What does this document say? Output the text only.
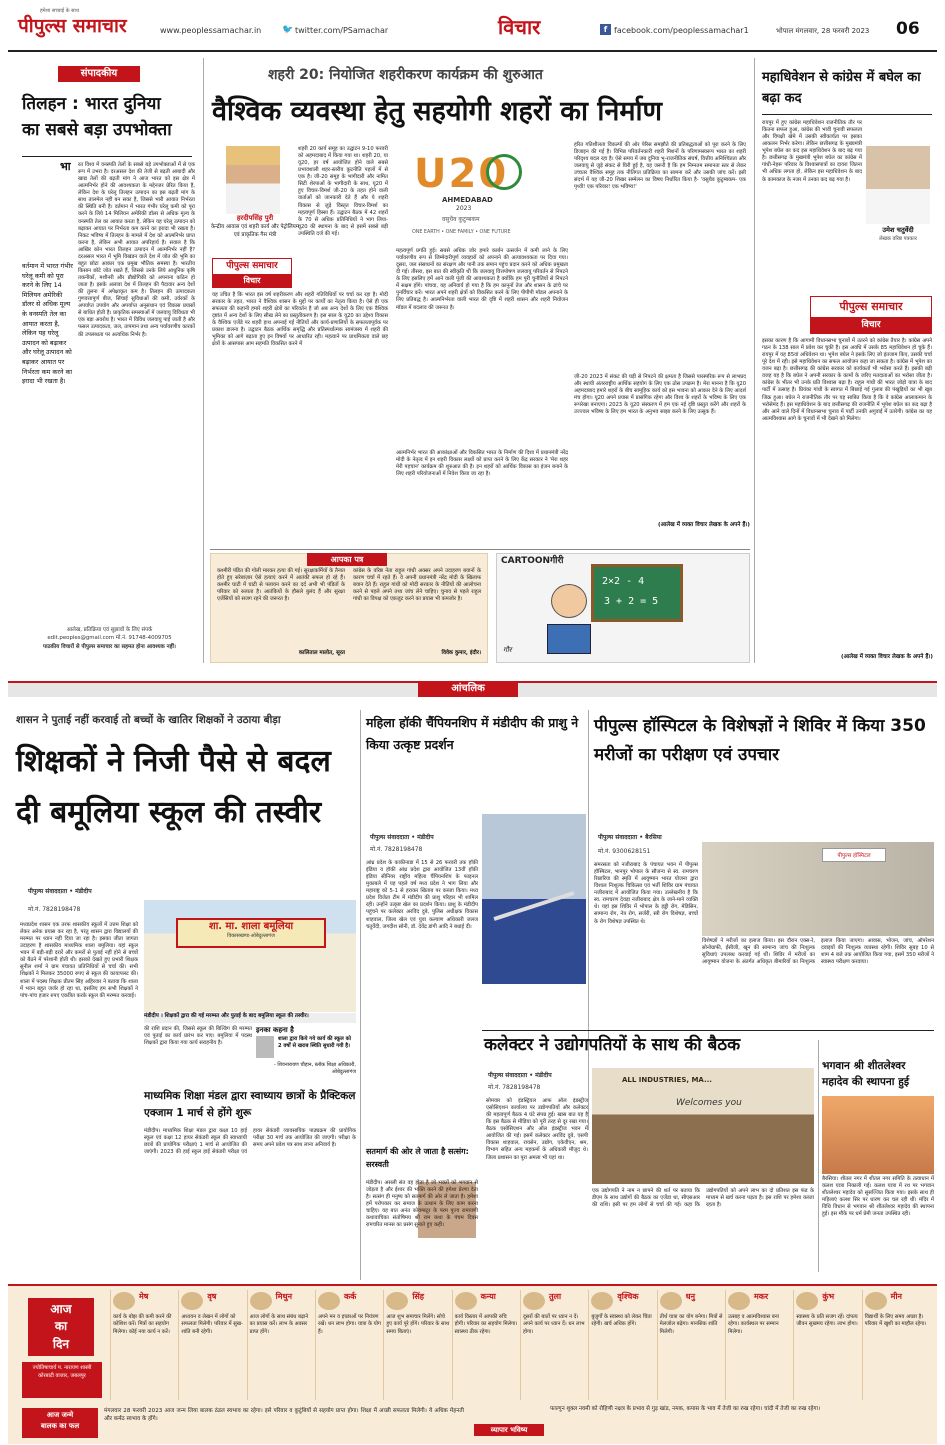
पीपुल्स समाचार
हमेशा सच्चाई के साथ
www.peoplessamachar.in	🐦 twitter.com/PSamachar	विचार	f facebook.com/peoplessamachar1	भोपाल मंगलवार, 28 फरवरी 2023	06
संपादकीय
तिलहन : भारत दुनिया का सबसे बड़ा उपभोक्ता
भा	रत विश्व में वनस्पति तेलों के सबसे बड़े उपभोक्ताओं में से एक रूप में उभरा है। दरअसल देश की तेजी से बढ़ती आबादी और खाद्य तेलों की बढ़ती मांग ने आज भारत को इस क्षेत्र में आत्मनिर्भर होने की आवश्यकता के मद्देनजर प्रेरित किया है, लेकिन देश के घरेलू तिलहन उत्पादन का इस बढ़ती मांग के साथ तालमेल नहीं बन सका है, जिससे भारी आयात निर्भरता की स्थिति बनी है। वर्तमान में भारत गंभीर घरेलू कमी को पूरा करने के लिये 14 मिलियन अमेरिकी डॉलर से अधिक मूल्य के वनस्पति तेल का आयात करता है, लेकिन यह घरेलू उत्पादन को बढ़ाकर आयात पर निर्भरता कम करने का इरादा भी रखता है। निकट भविष्य में तिलहन के मामले में देश को आत्मनिर्भर प्राप्त करना है, लेकिन अभी आयात अपरिहार्य है। सवाल है कि आखिर कोन भारत तिलहन उत्पादन में आत्मनिर्भर नहीं है? दरअसल भारत में भूमि विखंडन वाले देश में जोत की भूमि का बहुत छोटा आकार एक प्रमुख भौतिक समस्या है। भारतीय किसान छोटे जोत रखते हैं, जिससे उनके लिये आधुनिक कृषि तकनीकों, मशीनरी और प्रौद्योगिकी को अपनाना कठिन हो जाता है। इसके अलावा देश में तिलहन की पैदावार अन्य देशों की तुलना में अपेक्षाकृत कम है। तिलहन की उत्पादकता गुणवत्तापूर्ण बीज, सिंचाई सुविधाओं की कमी, उर्वरकों के अपर्याप्त उपयोग और अपर्याप्त अनुसंधान एवं विकास प्रयासों से बाधित होती है। प्राकृतिक समस्याओं में जलवायु विविधता भी एक बड़ा अवरोध है। भारत में विविध जलवायु पाई जाती है और फसल उत्पादकता, जल, तापमान तथा अन्य पर्यावरणीय कारकों की उपलब्धता पर अत्यधिक निर्भर है।
वर्तमान में भारत गंभीर घरेलू कमी को पूरा करने के लिए 14 मिलियन अमेरिकी डॉलर से अधिक मूल्य के वनस्पति तेल का आयात करता है, लेकिन यह घरेलू उत्पादन को बढ़ाकर और घरेलू उत्पादन को बढ़ाकर आयात पर निर्भरता कम करने का इरादा भी रखता है।
आलेख, प्रतिक्रिया एवं सुझावों के लिए संपर्क
edit.peoples@gmail.com मो.नं. 91748-4009705
पाठकीय विचारों से पीपुल्स समाचार का सहमत होना आवश्यक नहीं।
शहरी 20: नियोजित शहरीकरण कार्यक्रम की शुरुआत
वैश्विक व्यवस्था हेतु सहयोगी शहरों का निर्माण
हरदीपसिंह पुरी
केन्द्रीय आवास एवं शहरी कार्य और पेट्रोलियम एवं प्राकृतिक गैस मंत्री
पीपुल्स समाचार
विचार
शहरी 20 कार्य समूह का उद्घाटन 9-10 फरवरी को अहमदाबाद में किया गया था। शहरी 20, या यू20, हर वर्ष आयोजित होने वाले सबसे प्रभावशाली शहर-स्तरीय कूटनीति पहलों में से एक है। जी-20 समूह के भागीदारी और नामित सिटी शेरपाओं के भागीदारी के साथ, यू20 में हुए विचार-विमर्श जी-20 के तहत होने वाली वार्ताओं को जानकारी देते हैं और ये शहरी विकास से जुड़े विस्तृत विचार-विमर्श का महत्वपूर्ण हिस्सा हैं। उद्घाटन बैठक में 42 शहरों के 70 से अधिक प्रतिनिधियों ने भाग लिया- यू20 की स्थापना के बाद से इसमें सबसे बड़ी उपस्थिति दर्ज की गई।
यह उचित है कि भारत इस वर्ष शहरीकरण और शहरी गतिविधियों पर चर्चा कर रहा है। मोदी सरकार के तहत, भारत ने वैश्विक शासन के मुद्दों पर कार्यों का नेतृत्व किया है। ऐसे ही एक सफलता की कहानी हमारे शहरी क्षेत्रों का परिवर्तन है जो अब अन्य देशों के लिए एक वैश्विक दृष्टांत में अन्य देशों के लिए सीख लेने का प्रस्तुतीकरण है। इस साल के यू20 का उद्देश्य विकास के वैश्विक एजेंडे पर शहरी हाथ अपनाई गई नीतियों और कार्य-प्रणालियों के सफलतापूर्वक पर प्रकाश डालना है। उद्घाटन बैठक आर्थिक समृद्धि और प्रतिस्पर्धात्मक सामंजस्य में शहरी की भूमिका को आगे बढ़ाता हुए इन विषयों पर आधारित रही। महत्वाने पर प्राथमिकता वाले छह क्षेत्रों के आसपास आम सहमति विकसित करने में
U20
AHMEDABAD
2023
वसुधैव कुटुम्बकम
ONE EARTH • ONE FAMILY • ONE FUTURE
महत्वपूर्ण प्रगति हुई। सबसे अधिक जोर हमारे कार्बन उत्सर्जन में कमी लाने के लिए पर्यावरणीय रूप से जिम्मेदारीपूर्ण व्यवहारों को अपनाने की अत्यावश्यकता पर दिया गया। दूसरा, जल संसाधनों का संरक्षण और पानी तक समान पहुंच प्रदान करने को अधिक प्रमुखता दी गई। तीसरा, इस बात की स्वीकृति थी कि जलवायु वित्तपोषण जलवायु परिवर्तन से निपटने के लिए इसलिए हमें आने वाली पूंजी की आवश्यकता है क्योंकि हम पूरी चुनौतियों से निपटने में सक्षम होंगे। पांचवा, यह अनिवार्य हो गया है कि हम कानूनों तेज और शासन के ढांचे पर पुनर्विचार करें। भारत अपने शहरी क्षेत्रों को विकसित करने के लिए पीपीपी मॉडल अपनाने के लिए प्रतिबद्ध है। आत्मनिर्भरता वाली भारत की दृष्टि में शहरी शासन और शहरी नियोजन मॉडल में बदलाव की जरूरत है।
आत्मनिर्भर भारत की आकांक्षाओं और विकसित भारत के निर्माण की दिशा में प्रधानमंत्री नरेंद्र मोदी के नेतृत्व में इन शहरी विकास लक्ष्यों को प्राप्त करने के लिए केंद्र सरकार ने 'मेरा शहर मेरी पहचान' कार्यक्रम की शुरुआत की है। इन शहरों को आर्थिक विकास का इंजन बनाने के लिए शहरी परियोजनाओं में निवेश किया जा रहा है।
हरित गतिशीलता विकल्पों की ओर पेरिस समझौते की प्रतिबद्धताओं को पूरा करने के लिए डिजाइन की गई है। विभिन्न परिवर्तनकारी शहरी मिशनों के परिणामस्वरूप भारत का शहरी परिदृश्य बदल रहा है। ऐसे समय में जब दुनिया भू-राजनीतिक संघर्ष, वित्तीय अनिश्चितता और जलवायु से जुड़े संकट से घिरी हुई है, यह जरूरी है कि हम निम्नतम समानता स्तर से लेकर उच्चतर वैश्विक समूह तक नीतिगत प्रतिक्रिया का सामना करें और उसकी जांच करें। इसी संदर्भ में यह जी-20 शिखर सम्मेलन का विषय निर्धारित किया है- 'वसुधैव कुटुम्बकम- एक पृथ्वी! एक परिवार! एक भविष्य!'
जी-20 2023 में संकट की घड़ी से निपटने की क्षमता है जिससे पारस्परिक रूप से लाभप्रद और स्थायी अंतरराष्ट्रीय आर्थिक सहयोग के लिए एक ठोस उपक्रम है। मेरा मानना है कि यू20 अहमदाबाद हमारे शहरों के बीच सामूहिक कार्य को इस भावना को आकार देने के लिए आदर्श मंच होगा। यू20 अपने प्रयास में प्रासंगिक रहेगा और विश्व के शहरों के भविष्य के लिए एक रूपरेखा बनाएगा। 2023 के यू20 संस्करण में हम एक नई दृष्टि प्रस्तुत करेंगे और शहरों के उज्ज्वल भविष्य के लिए हम भारत के अनुभव साझा करने के लिए उत्सुक हैं।
(आलेख में व्यक्त विचार लेखक के अपने हैं।)
महाधिवेशन से कांग्रेस में बघेल का बढ़ा कद
रायपुर में हुए कांग्रेस महाधिवेशन राजनीतिक तौर पर कितना सफल हुआ, कांग्रेस की भावी चुनावी सफलता और विपक्षी खेमे में उसकी स्वीकार्यता पर इसका आकलन निर्भर करेगा। लेकिन छत्तीसगढ़ के मुख्यमंत्री भूपेश बघेल का कद इस महाधिवेशन के बाद बढ़ गया है। छत्तीसगढ़ के मुखमंत्री भूपेश बघेल का कांग्रेस में गांधी-नेहरू परिवार के विश्वासपात्रों का दायरा जितना भी अधिक लगता हो, लेकिन इस महाधिवेशन के बाद के कामकाज के नजर में उनका कद बढ़ गया है।
उमेश चतुर्वेदी
लेखक वरिष्ठ पत्रकार
पीपुल्स समाचार
विचार
इसका कारण है कि आगामी विधानसभा चुनावों में उतरने को कांग्रेस तैयार है। कांग्रेस अपने गठन के 138 साल में प्रवेश कर चुकी है। इस अवधि में उसके 85 महाधिवेशन हो चुके हैं। रायपुर में यह 85वां अधिवेशन था। भूपेश बघेल ने इसके लिए जो इंतजाम किए, उसकी चर्चा पूरे देश में रही। इसे महाधिवेशन का सफल आयोजन कहा जा सकता है। कांग्रेस में भूपेश का वजन बढ़ा है। छत्तीसगढ़ की कांग्रेस सरकार को कार्यकर्ता भी भरोसा करते हैं। इसकी बड़ी वजह यह है कि बघेल ने अपनी सरकार के कामों के जरिए मतदाताओं का भरोसा जीता है। कांग्रेस के भीतर भी उनके प्रति विश्वास बढ़ा है। राहुल गांधी की भारत जोड़ो यात्रा के बाद पार्टी में उत्साह है। प्रियंका गांधी के स्वागत में बिछाई गई गुलाब की पंखुड़ियों का भी खूब जिक्र हुआ। बघेल ने राजनीतिक तौर पर यह साबित किया है कि वे कांग्रेस आलाकमान के भरोसेमंद हैं। इस महाधिवेशन के बाद छत्तीसगढ़ की राजनीति में भूपेश बघेल का कद बढ़ा है और आने वाले दिनों में विधानसभा चुनाव में पार्टी उनकी अगुवाई में उतरेगी। कांग्रेस का यह आत्मविश्वास आगे के चुनावों में भी देखने को मिलेगा।
(आलेख में व्यक्त विचार लेखक के अपने हैं।)
आपका पत्र
कश्मीरी पंडित की गोली मारकर हत्या की गई। सुरक्षाकर्मियों के तैनात होते हुए सरेबाज़ार ऐसे हत्याएं करने में आतंकी सफल हो रहे हैं। कश्मीर घाटी में घाटी से पलायन करने का दर्द अभी भी पंडितों के परिवार को रुलाता है। आतंकियों के हौसले बुलंद हैं और सुरक्षा एजेंसियों को सजग रहने की जरूरत है।
कालिताल मालोत, सूरत
कांग्रेस के वरिष्ठ नेता राहुल गांधी अक्सर अपने उदाहरण बयानों के कारण चर्चा में रहते हैं। वे अपनी प्रधानमंत्री नरेंद्र मोदी के खिलाफ बयान देते हैं। राहुल गांधी को मोदी सरकार के नीतियों की आलोचना करने से पहले अपने तथ्य जांच लेने चाहिए। चुनाव से पहले राहुल गांधी का विपक्ष को एकजुट करने का प्रयास भी कमजोर है।
विवेक कुमार, इंदौर।
CARTOONगीरी
2×2 - 4
3 + 2 = 5
गौर
आंचलिक
शासन ने पुताई नहीं करवाई तो बच्चों के खातिर शिक्षकों ने उठाया बीड़ा
शिक्षकों ने निजी पैसे से बदल दी बमूलिया स्कूल की तस्वीर
पीपुल्स संवाददाता • मंडीदीप
मो.नं. 7828198478
शा. मा. शाला बमूलिया
विकासखण्ड-ओबेदुल्लागंज
मंडीदीप । शिक्षकों द्वारा की गई मरम्मत और पुताई के बाद बमूलिया स्कूल की तस्वीर।
मध्यप्रदेश शासन एक तरफ शासकीय स्कूलों में उत्तम शिक्षा को लेकर अनेक प्रयास कर रहा है, परंतु शासन द्वारा विद्यालयों की मरम्मत पर ध्यान नहीं दिया जा रहा है। इसका जीता जागता उदाहरण है शासकीय माध्यमिक शाला बमूलिया। यहां स्कूल भवन में बड़ी-बड़ी दरारें और कमरों से पुताई नहीं होने से बच्चों को बैठने में परेशानी होती थी। इसको देखते हुए प्रभारी शिक्षक सुनील शर्मा ने ग्राम पंचायत प्रतिनिधियों से चर्चा की। सभी शिक्षकों ने मिलकर 35000 रुपए से स्कूल की कायापलट की। शाला में पदस्थ शिक्षक प्रीतम सिंह अहिरवार ने बताया कि शाला में भवन बहुत जर्जर हो रहा था, इसलिए हम सभी शिक्षकों ने पांच-पांच हजार रुपए एकत्रित करके स्कूल की मरम्मत करवाई।
की राशि प्रदान की, जिससे स्कूल की बिल्डिंग की मरम्मत एवं पुताई का कार्य प्रारंभ कर पाए। बमूलिया में पदस्थ शिक्षकों द्वारा किया गया कार्य सराहनीय है।
इनका कहना है
शाला द्वारा किये गये कार्य की स्कूल को 2 वर्षों से खराब स्थिति सुधारी गयी है।
- शिवनारायण चौहान, ब्लॉक शिक्षा अधिकारी, ओबेदुल्लागंज
माध्यमिक शिक्षा मंडल द्वारा स्वाध्याय छात्रों के प्रैक्टिकल एक्जाम 1 मार्च से होंगे शुरू
मंडीदीप। माध्यमिक शिक्षा मंडल द्वारा कक्षा 10 हाई स्कूल एवं कक्षा 12 हायर सेकंडरी स्कूल की स्वाध्यायी छात्रों की प्रायोगिक परीक्षाएं 1 मार्च से आयोजित की जाएंगी। 2023 की हाई स्कूल हाई सेकंडरी परीक्षा एवं हायर सेकंडरी व्यावसायिक पाठ्यक्रम की प्रायोगिक परीक्षा 30 मार्च तक आयोजित की जाएगी। परीक्षा के समय अपने प्रवेश पत्र साथ लाना अनिवार्य है।
महिला हॉकी चैंपियनशिप में मंडीदीप की प्राशु ने किया उत्कृष्ट प्रदर्शन
पीपुल्स संवाददाता • मंडीदीप
मो.नं. 7828198478
आंध्र प्रदेश के काकीनाडा में 15 से 26 फरवरी तक हॉकी इंडिया व हॉकी आंध्र प्रदेश द्वारा आयोजित 13वीं हॉकी इंडिया सीनियर राष्ट्रीय महिला चैंपियनशिप के फाइनल मुकाबले में यह पहले वर्ष मध्य प्रदेश ने भाग लिया और महाराष्ट्र को 5-1 से हराकर खिताब पर कब्जा किया। मध्य प्रदेश विजेता टीम में मंडीदीप की प्राशु परिहार भी शामिल रही। उन्होंने उत्कृष्ट खेल का प्रदर्शन किया। प्राशु के मंडीदीप पहुंचने पर कलेक्टर अरविंद दुबे, पुलिस अधीक्षक विकास शाहवाल, जिला खेल एवं युवा कल्याण अधिकारी जलज चतुर्वेदी, जगदीश सोनी, डॉ. देवेंद्र डांगी आदि ने बधाई दी।
सतमार्ग की ओर ले जाता है सत्संग: सरस्वती
मंडीदीप। असली संत वह होता है जो भक्तों को भगवान से जोड़ता है और ईश्वर की भक्ति करने की हमेशा प्रेरणा देता है। सत्संग ही मनुष्य को सतमार्ग की ओर ले जाता है। हमेशा हमें परोपकार कर समाज के उत्थान के लिए काम करना चाहिए। यह बात अनंत कोयम्बटूर के परम पूज्य रामायणी कथावाचिका संतोषिमय श्री राम कथा के पंचम दिवस रामचरित मानस का प्रसंग सुनाते हुए कही।
पीपुल्स हॉस्पिटल के विशेषज्ञों ने शिविर में किया 350 मरीजों का परीक्षण एवं उपचार
पीपुल्स संवाददाता • बैरसिया
मो.नं. 9300628151
पीपुल्स हॉस्पिटल
समरसता को नजीराबाद के पंचायत भवन में पीपुल्स हॉस्पिटल, भानपुर भोपाल के सौजन्य से स्व. रामचरण रिछारिया की स्मृति में आयुष्मान भारत योजना द्वारा विशाल निःशुल्क चिकित्सा एवं भर्ती शिविर ग्राम पंचायत नजीराबाद में आयोजित किया गया। उल्लेखनीय है कि स्व. रामचरण देवड़ा नजीराबाद क्षेत्र के जाने-माने व्यक्ति थे। यहां इस शिविर में भोपाल के हड्डी रोग, मेडिसिन, सामान्य रोग, नेत्र रोग, सर्जरी, स्त्री रोग विशेषज्ञ, बच्चों के रोग विशेषज्ञ उपस्थित थे।
विशेषज्ञों ने मरीजों का इलाज किया। इस दौरान एक्स-रे, सोनोग्राफी, ईसीजी, खून की सामान्य जांच की निःशुल्क सुविधाएं उपलब्ध करवाई गई थीं। शिविर में मरीजों का आयुष्मान योजना के अंतर्गत अधिकृत बीमारियों का निःशुल्क इलाज किया जाएगा। आवास, भोजन, जांच, ऑपरेशन दवाइयों की निःशुल्क व्यवस्था रहेगी। शिविर सुबह 10 से शाम 4 बजे तक आयोजित किया गया, इसमें 350 मरीजों ने स्वास्थ्य परीक्षण करवाया।
कलेक्टर ने उद्योगपतियों के साथ की बैठक
पीपुल्स संवाददाता • मंडीदीप
मो.नं. 7828198478
ALL INDUSTRIES, MA...
Welcomes you
सोमवार को इंडस्ट्रियल आफ ऑल इंडस्ट्रीज एसोसिएशन कार्यालय पर उद्योगपतियों और कलेक्टर की महत्वपूर्ण बैठक 4 घंटे संपन्न हुई। खास बात यह है कि इस बैठक से मीडिया को पूरी तरह से दूर रखा गया। बैठक एसोसिएशन और ऑल इंडस्ट्रीज भवन में आयोजित की गई। इसमें कलेक्टर अरविंद दुबे, एसपी विकास शाहवाल, रायसेन, उद्योग, एकेवीएन, श्रम, विभाग सहित अन्य महकमों के अधिकारी मौजूद थे। जिला प्रशासन का पूरा अमला भी यहां था।
एक उद्योगपति ने नाम न छापने की शर्त पर बताया कि डीएम के साथ उद्योगों की बैठक का एजेंडा था, सीएसआर की राशि। इसी पर हम लोगों से चर्चा की गई। कहा कि उद्योगपतियों को अपने लाभ का दो प्रतिशत इस फंड के माध्यम से खर्च करना पड़ता है। इस राशि पर हमेशा कब्जा रहता है।
भगवान श्री शीतलेश्वर महादेव की स्थापना हुई
बैरसिया। शीतल नगर में शीतल नगर समिति के तत्वाधान में कलश यात्रा निकाली गई। कलश यात्रा में रथ पर भगवान शीतलेश्वर महादेव को सुसज्जित किया गया। इसके साथ ही महिलाएं कलश सिर पर धारण कर चल रही थीं। मंदिर में विधि विधान से भगवान श्री शीतलेश्वर महादेव की स्थापना हुई। इस मौके पर धर्म प्रेमी जनता उपस्थित रही।
आज
का
दिन
ज्योतिषाचार्य प. नारायण शास्त्री कोरबाटी वाजार, जबलपुर
मेष
कार्य के बोझ की कमी करने की कोशिश करें। मित्रों का सहयोग मिलेगा। कोई नया कार्य न करें।
वृष
अध्ययन व लेखन में लोगों को सफलता मिलेगी। परिवार में सुख-शांति बनी रहेगी।
मिथुन
आज लोगों के साथ संबंध बढ़ाने का प्रयास करें। लाभ के अवसर प्राप्त होंगे।
कर्क
अपने मन व इच्छाओं पर नियंत्रण रखें। धन लाभ होगा। यात्रा के योग हैं।
सिंह
आज शुभ समाचार मिलेंगे। सोचे हुए कार्य पूरे होंगे। परिवार के साथ समय बिताएं।
कन्या
कार्य विस्तार में आपकी रुचि होगी। परिवार का सहयोग मिलेगा। स्वास्थ्य ठीक रहेगा।
तुला
दूसरों की बातों पर ध्यान न दें। अपने कार्य पर ध्यान दें। धन लाभ होगा।
वृश्चिक
बुजुर्गों के स्वास्थ्य को लेकर चिंता रहेगी। खर्च अधिक होंगे।
धनु
तीर्थ यात्रा का योग बनेगा। मित्रों से मेलजोल बढ़ेगा। मानसिक शांति मिलेगी।
मकर
उत्साह व आत्मविश्वास बना रहेगा। कार्यस्थल पर सम्मान मिलेगा।
कुंभ
स्वास्थ्य के प्रति सजग रहें। दांपत्य जीवन सुखमय रहेगा। लाभ होगा।
मीन
विद्यार्थी के लिए समय अच्छा है। परिवार में खुशी का माहौल रहेगा।
आज जन्मे
बालक का फल
मंगलवार 28 फरवरी 2023 आज जन्म लिया बालक ठंडल स्वभाव का रहेगा। इसे परिवार व कुटुंबियों से सहयोग प्राप्त होगा। शिक्षा में अच्छी सफलता मिलेगी। ये अधिक मेहनती और कर्मठ स्वभाव के होंगे।
व्यापार भविष्य
फाल्गुन शुक्ल नवमी को रोहिणी नक्षत्र के प्रभाव से गुड़ खांड, नमक, कपास के भाव में तेजी का रुख रहेगा। चांदी में तेजी का रुख रहेगा।
